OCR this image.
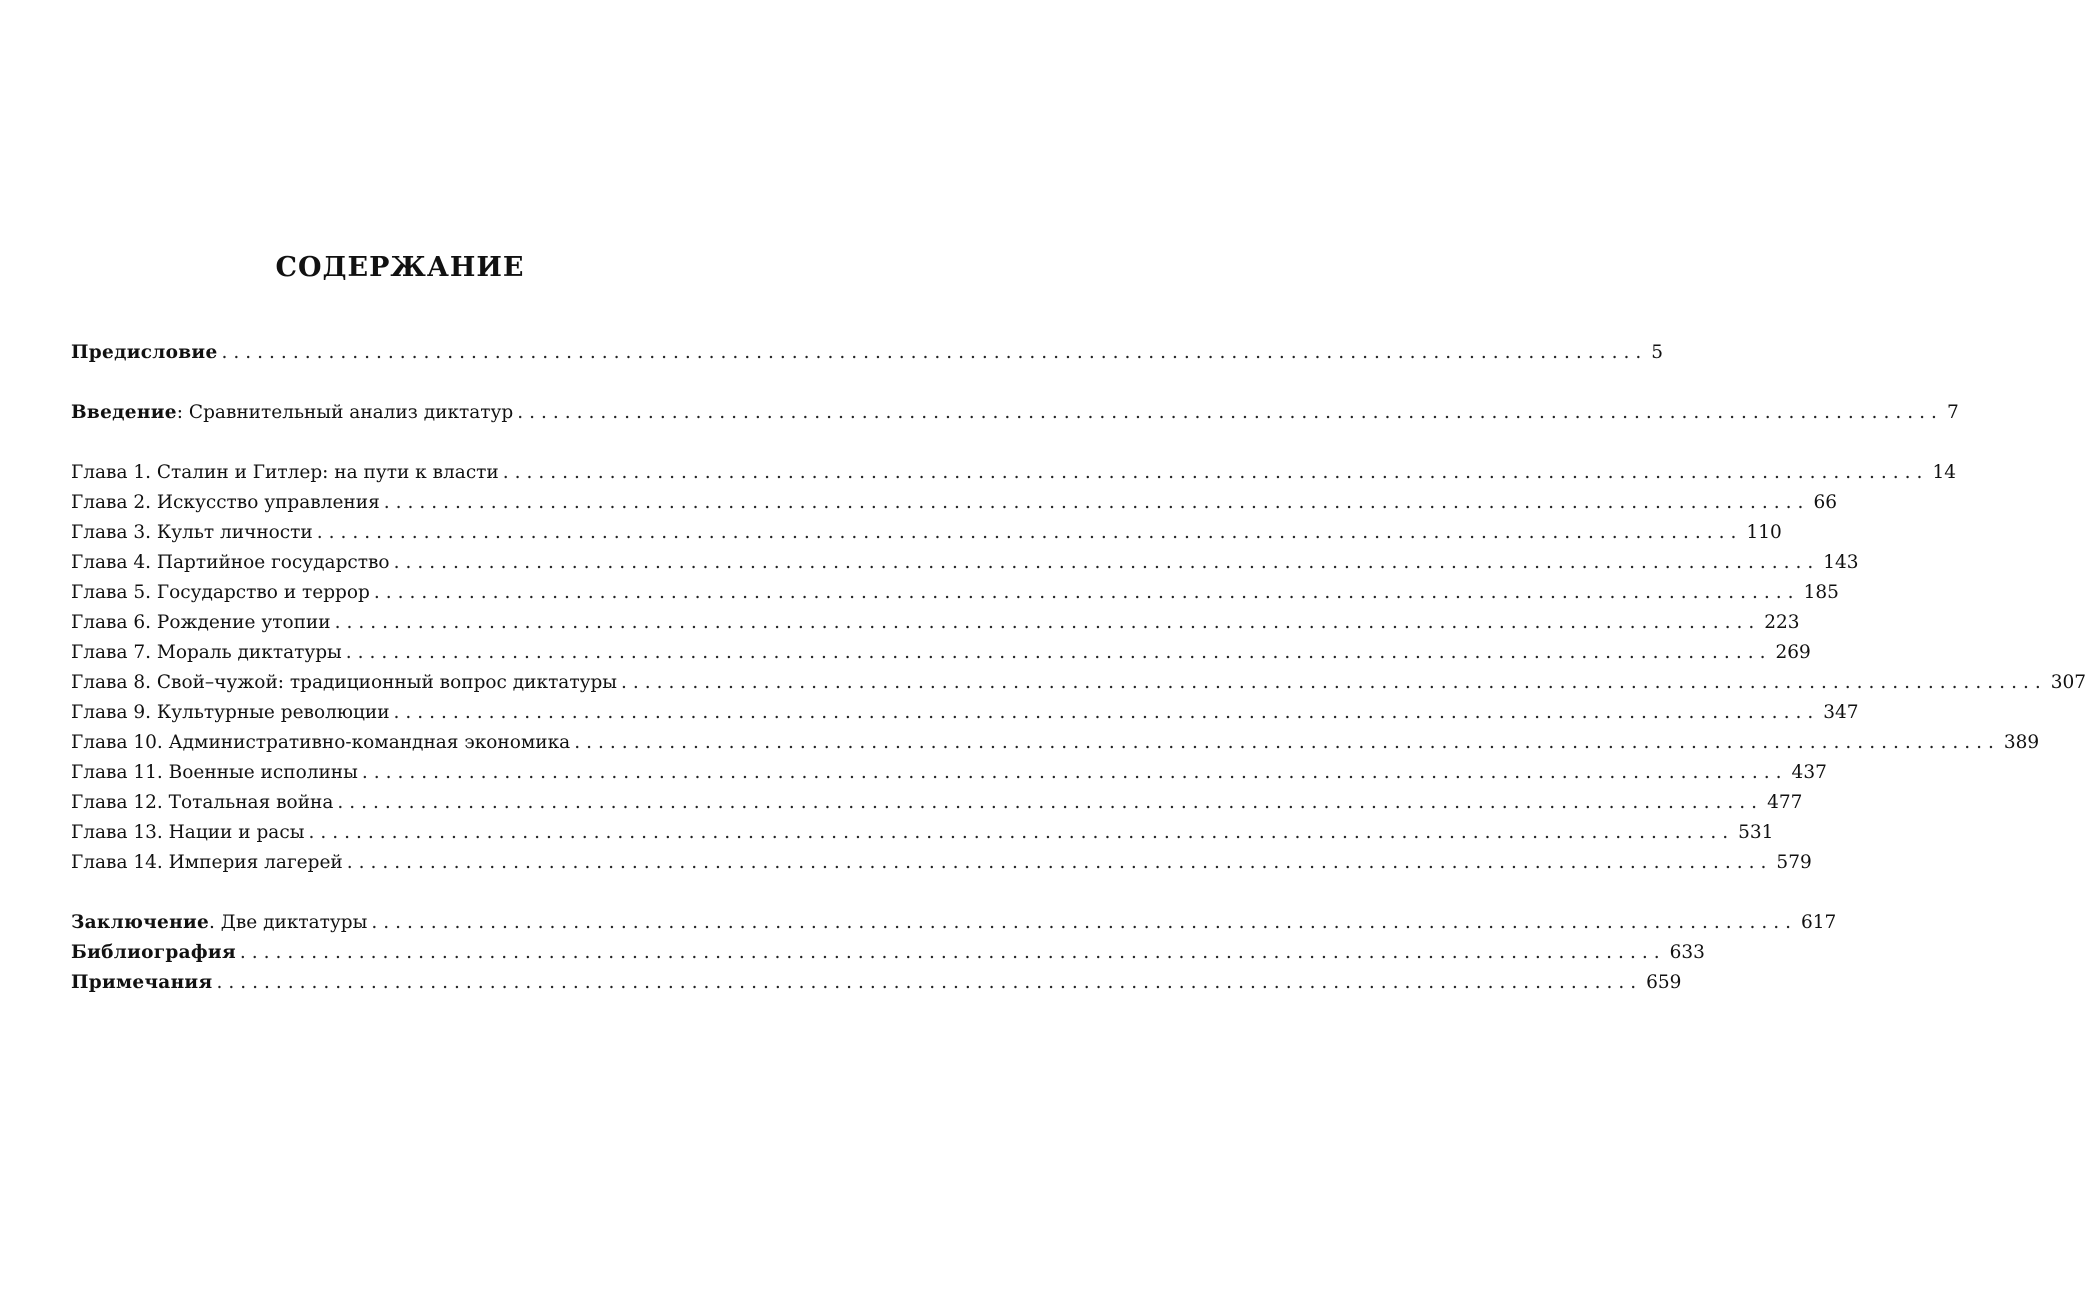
СОДЕРЖАНИЕ
Предисловие ........................................................................................................................ 5
Введение: Сравнительный анализ диктатур ........................................................................................................................ 7
Глава 1. Сталин и Гитлер: на пути к власти ........................................................................................................................ 14
Глава 2. Искусство управления ........................................................................................................................ 66
Глава 3. Культ личности ........................................................................................................................ 110
Глава 4. Партийное государство ........................................................................................................................ 143
Глава 5. Государство и террор ........................................................................................................................ 185
Глава 6. Рождение утопии ........................................................................................................................ 223
Глава 7. Мораль диктатуры ........................................................................................................................ 269
Глава 8. Свой–чужой: традиционный вопрос диктатуры ........................................................................................................................ 307
Глава 9. Культурные революции ........................................................................................................................ 347
Глава 10. Административно-командная экономика ........................................................................................................................ 389
Глава 11. Военные исполины ........................................................................................................................ 437
Глава 12. Тотальная война ........................................................................................................................ 477
Глава 13. Нации и расы ........................................................................................................................ 531
Глава 14. Империя лагерей ........................................................................................................................ 579
Заключение. Две диктатуры ........................................................................................................................ 617
Библиография ........................................................................................................................ 633
Примечания ........................................................................................................................ 659
